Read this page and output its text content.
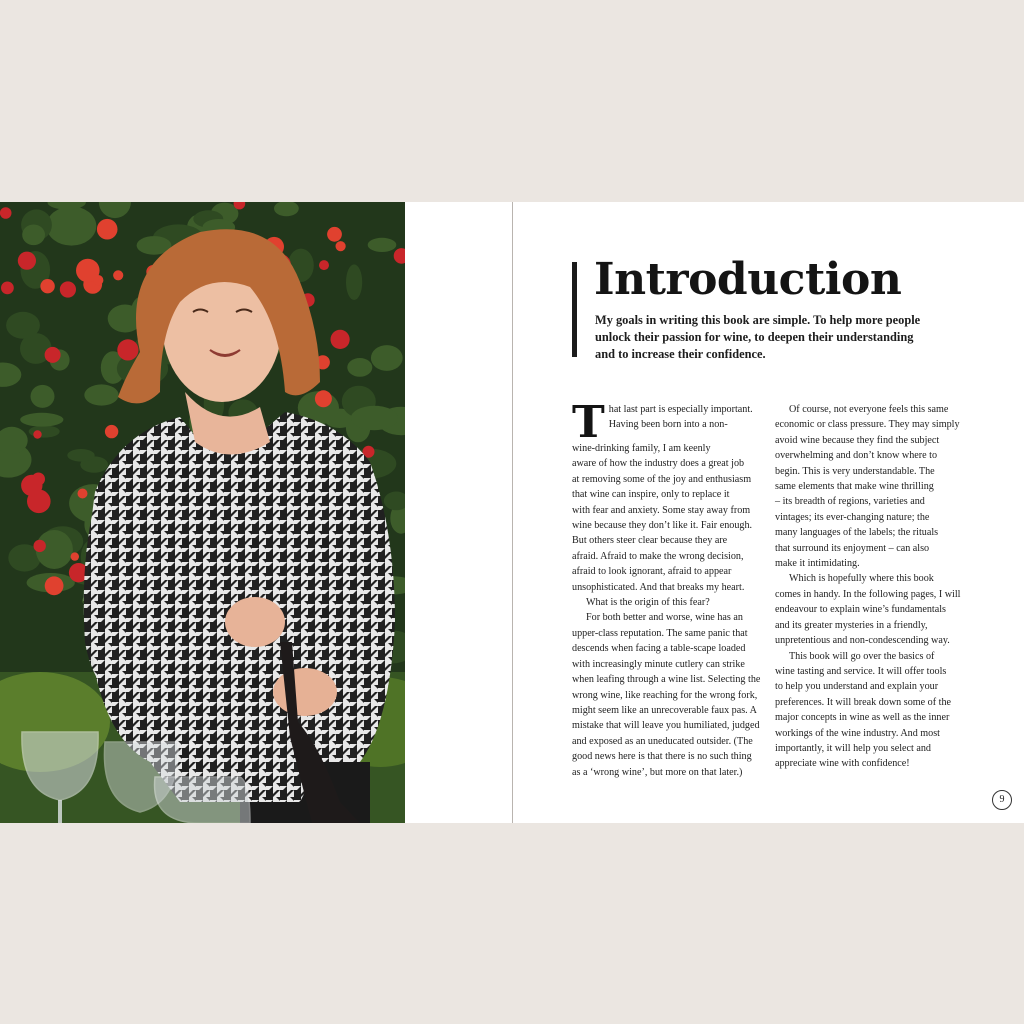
Introduction

My goals in writing this book are simple. To help more people
unlock their passion for wine, to deepen their understanding
and to increase their confidence.

T hat last part is especially important.
Having been born into a non-
wine-drinking family, I am keenly
aware of how the industry does a great job
at removing some of the joy and enthusiasm
that wine can inspire, only to replace it
with fear and anxiety. Some stay away from
wine because they don’t like it. Fair enough.
But others steer clear because they are
afraid. Afraid to make the wrong decision,
afraid to look ignorant, afraid to appear
unsophisticated. And that breaks my heart.

What is the origin of this fear?

For both better and worse, wine has an
upper-class reputation. The same panic that
descends when facing a table-scape loaded
with increasingly minute cutlery can strike
when leafing through a wine list. Selecting the
wrong wine, like reaching for the wrong fork,
might seem like an unrecoverable faux pas. A
mistake that will leave you humiliated, judged
and exposed as an uneducated outsider. (The
good news here is that there is no such thing
as a ‘wrong wine’, but more on that later.)

Of course, not everyone feels this same
economic or class pressure. They may simply
avoid wine because they find the subject
overwhelming and don’t know where to
begin. This is very understandable. The
same elements that make wine thrilling
– its breadth of regions, varieties and
vintages; its ever-changing nature; the
many languages of the labels; the rituals
that surround its enjoyment – can also
make it intimidating.

Which is hopefully where this book
comes in handy. In the following pages, I will
endeavour to explain wine’s fundamentals
and its greater mysteries in a friendly,
unpretentious and non-condescending way.

This book will go over the basics of
wine tasting and service. It will offer tools
to help you understand and explain your
preferences. It will break down some of the
major concepts in wine as well as the inner
workings of the wine industry. And most
importantly, it will help you select and
appreciate wine with confidence!

9
